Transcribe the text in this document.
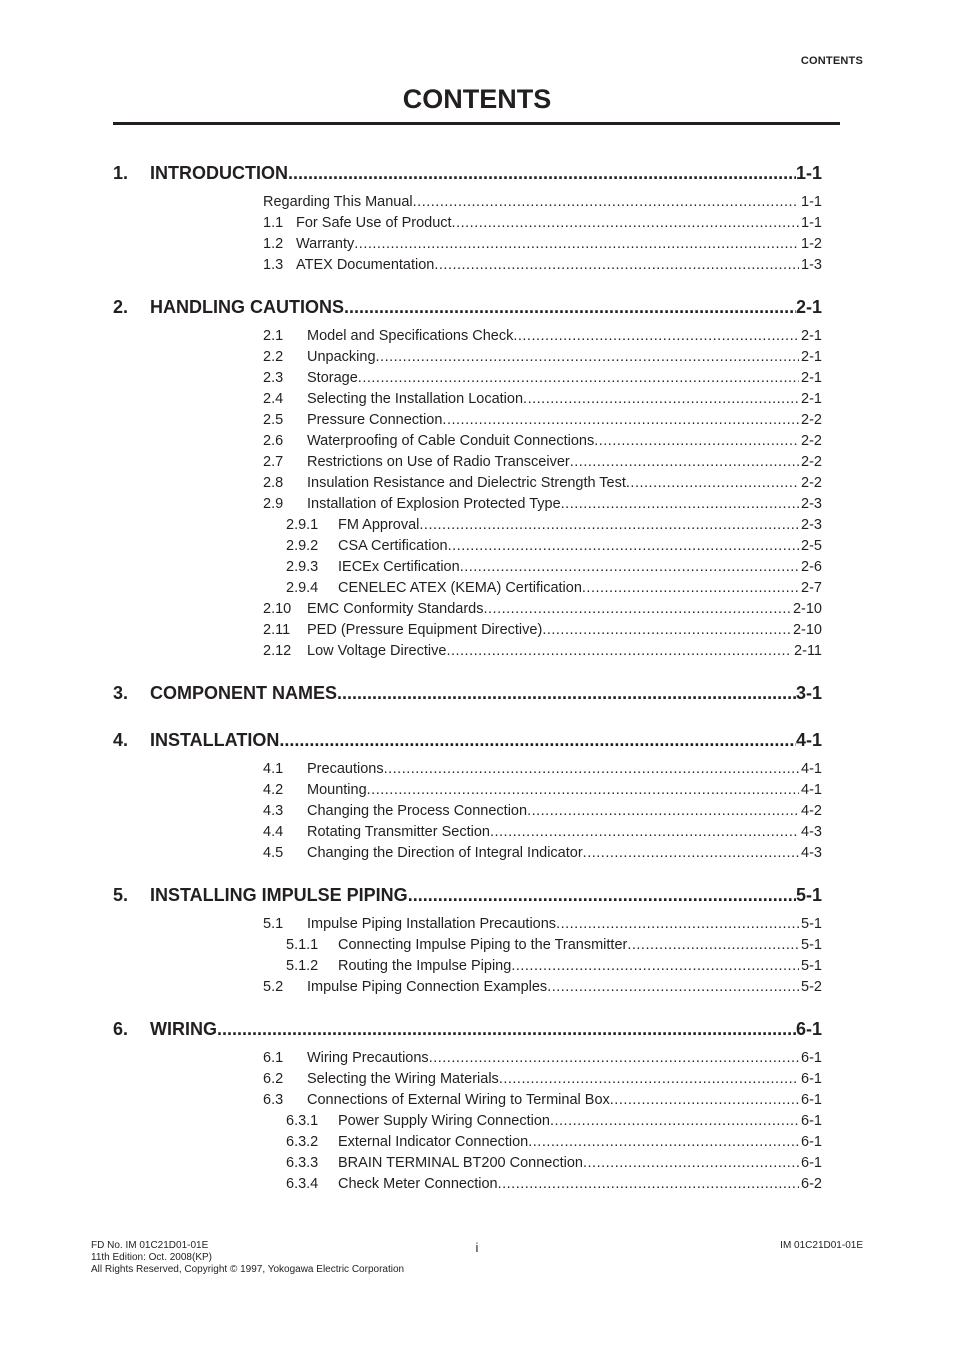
CONTENTS
CONTENTS
1.	INTRODUCTION .....	1-1
Regarding This Manual .....	1-1
1.1 For Safe Use of Product .....	1-1
1.2 Warranty .....	1-2
1.3 ATEX Documentation .....	1-3
2.	HANDLING CAUTIONS .....	2-1
2.1	Model and Specifications Check .....	2-1
2.2	Unpacking .....	2-1
2.3	Storage .....	2-1
2.4	Selecting the Installation Location .....	2-1
2.5	Pressure Connection .....	2-2
2.6	Waterproofing of Cable Conduit Connections .....	2-2
2.7	Restrictions on Use of Radio Transceiver .....	2-2
2.8	Insulation Resistance and Dielectric Strength Test .....	2-2
2.9	Installation of Explosion Protected Type .....	2-3
2.9.1	FM Approval .....	2-3
2.9.2	CSA Certification .....	2-5
2.9.3	IECEx Certification .....	2-6
2.9.4	CENELEC ATEX (KEMA) Certification .....	2-7
2.10	EMC Conformity Standards .....	2-10
2.11	PED (Pressure Equipment Directive) .....	2-10
2.12	Low Voltage Directive .....	2-11
3.	COMPONENT NAMES .....	3-1
4.	INSTALLATION .....	4-1
4.1	Precautions .....	4-1
4.2	Mounting .....	4-1
4.3	Changing the Process Connection .....	4-2
4.4	Rotating Transmitter Section .....	4-3
4.5	Changing the Direction of Integral Indicator .....	4-3
5.	INSTALLING IMPULSE PIPING .....	5-1
5.1	Impulse Piping Installation Precautions .....	5-1
5.1.1	Connecting Impulse Piping to the Transmitter .....	5-1
5.1.2	Routing the Impulse Piping .....	5-1
5.2	Impulse Piping Connection Examples .....	5-2
6.	WIRING .....	6-1
6.1	Wiring Precautions .....	6-1
6.2	Selecting the Wiring Materials .....	6-1
6.3	Connections of External Wiring to Terminal Box .....	6-1
6.3.1	Power Supply Wiring Connection .....	6-1
6.3.2	External Indicator Connection .....	6-1
6.3.3	BRAIN TERMINAL BT200 Connection .....	6-1
6.3.4	Check Meter Connection .....	6-2
FD No. IM 01C21D01-01E
11th Edition: Oct. 2008(KP)
All Rights Reserved, Copyright © 1997, Yokogawa Electric Corporation
i	IM 01C21D01-01E
